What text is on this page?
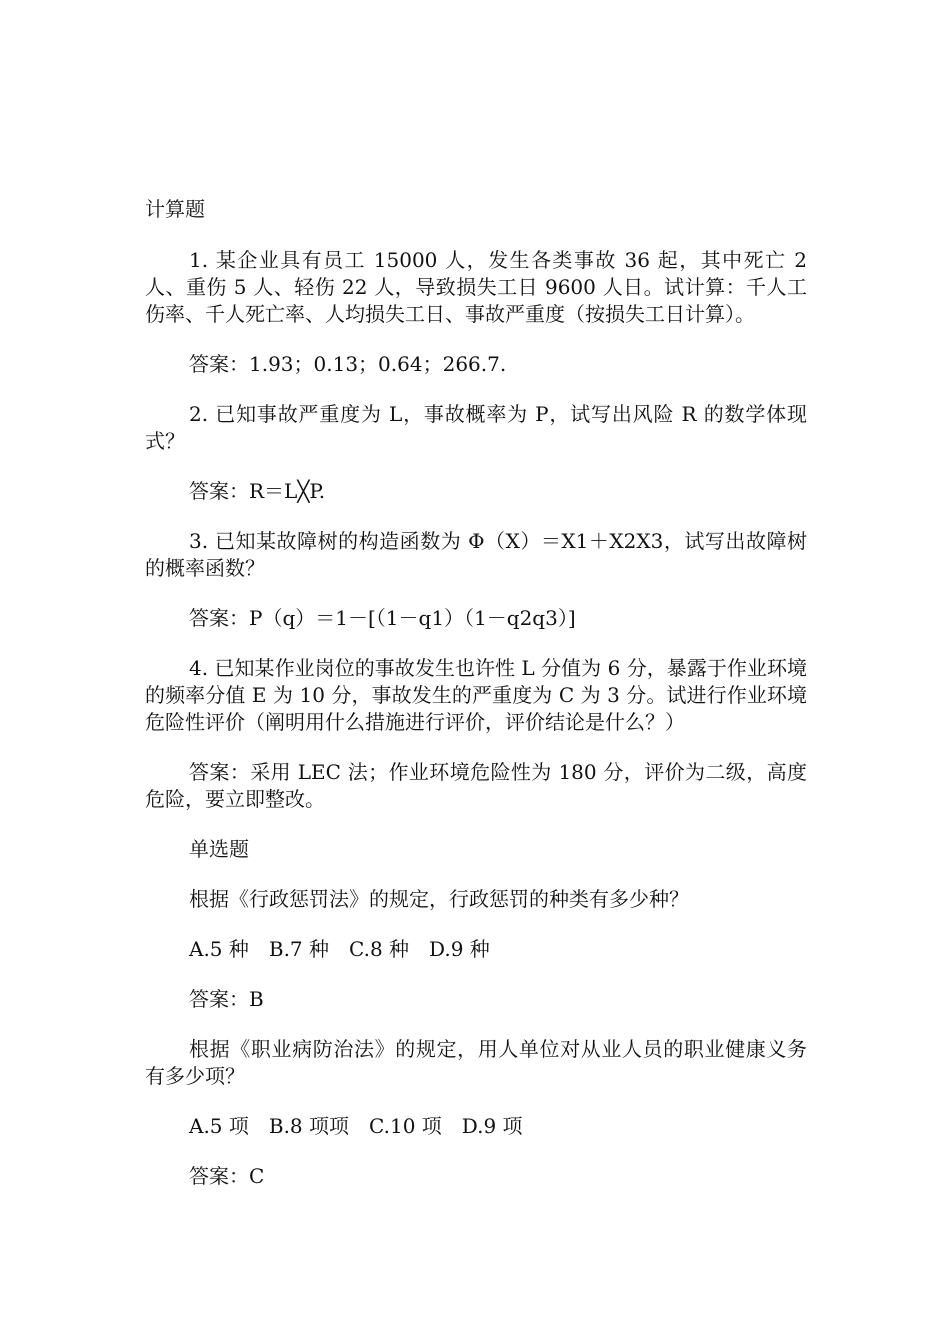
计算题

1. 某企业具有员工 15000 人，发生各类事故 36 起，其中死亡 2 人、重伤 5 人、轻伤 22 人，导致损失工日 9600 人日。试计算：千人工伤率、千人死亡率、人均损失工日、事故严重度（按损失工日计算）。

答案：1.93；0.13；0.64；266.7.

2. 已知事故严重度为 L，事故概率为 P，试写出风险 R 的数学体现式？

答案：R＝L╳P.

3. 已知某故障树的构造函数为 Φ（X）＝X1＋X2X3，试写出故障树的概率函数？

答案：P（q）＝1－[（1－q1）（1－q2q3）]

4. 已知某作业岗位的事故发生也许性 L 分值为 6 分，暴露于作业环境的频率分值 E 为 10 分，事故发生的严重度为 C 为 3 分。试进行作业环境危险性评价（阐明用什么措施进行评价，评价结论是什么？）

答案：采用 LEC 法；作业环境危险性为 180 分，评价为二级，高度危险，要立即整改。

单选题

根据《行政惩罚法》的规定，行政惩罚的种类有多少种？

A.5 种　B.7 种　C.8 种　D.9 种

答案：B

根据《职业病防治法》的规定，用人单位对从业人员的职业健康义务有多少项？

A.5 项　B.8 项项　C.10 项　D.9 项

答案：C
